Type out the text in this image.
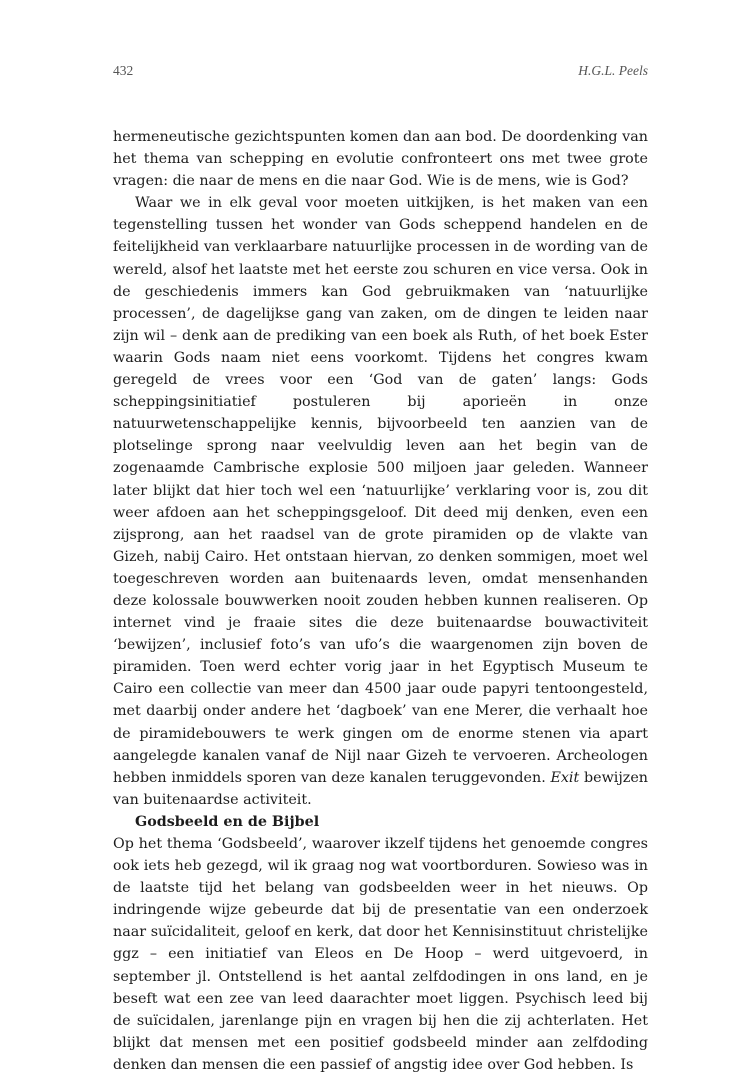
432	H.G.L. Peels

hermeneutische gezichtspunten komen dan aan bod. De doordenking van het thema van schepping en evolutie confronteert ons met twee grote vragen: die naar de mens en die naar God. Wie is de mens, wie is God?

Waar we in elk geval voor moeten uitkijken, is het maken van een tegenstelling tussen het wonder van Gods scheppend handelen en de feitelijkheid van verklaarbare natuurlijke processen in de wording van de wereld, alsof het laatste met het eerste zou schuren en vice versa. Ook in de geschiedenis immers kan God gebruikmaken van ‘natuurlijke processen’, de dagelijkse gang van zaken, om de dingen te leiden naar zijn wil – denk aan de prediking van een boek als Ruth, of het boek Ester waarin Gods naam niet eens voorkomt. Tijdens het congres kwam geregeld de vrees voor een ‘God van de gaten’ langs: Gods scheppingsinitiatief postuleren bij aporieën in onze natuurwetenschappelijke kennis, bijvoorbeeld ten aanzien van de plotselinge sprong naar veelvuldig leven aan het begin van de zogenaamde Cambrische explosie 500 miljoen jaar geleden. Wanneer later blijkt dat hier toch wel een ‘natuurlijke’ verklaring voor is, zou dit weer afdoen aan het scheppingsgeloof. Dit deed mij denken, even een zijsprong, aan het raadsel van de grote piramiden op de vlakte van Gizeh, nabij Cairo. Het ontstaan hiervan, zo denken sommigen, moet wel toegeschreven worden aan buitenaards leven, omdat mensenhanden deze kolossale bouwwerken nooit zouden hebben kunnen realiseren. Op internet vind je fraaie sites die deze buitenaardse bouwactiviteit ‘bewijzen’, inclusief foto’s van ufo’s die waargenomen zijn boven de piramiden. Toen werd echter vorig jaar in het Egyptisch Museum te Cairo een collectie van meer dan 4500 jaar oude papyri tentoongesteld, met daarbij onder andere het ‘dagboek’ van ene Merer, die verhaalt hoe de piramidebouwers te werk gingen om de enorme stenen via apart aangelegde kanalen vanaf de Nijl naar Gizeh te vervoeren. Archeologen hebben inmiddels sporen van deze kanalen teruggevonden. Exit bewijzen van buitenaardse activiteit.

Godsbeeld en de Bijbel

Op het thema ‘Godsbeeld’, waarover ikzelf tijdens het genoemde congres ook iets heb gezegd, wil ik graag nog wat voortborduren. Sowieso was in de laatste tijd het belang van godsbeelden weer in het nieuws. Op indringende wijze gebeurde dat bij de presentatie van een onderzoek naar suïcidaliteit, geloof en kerk, dat door het Kennisinstituut christelijke ggz – een initiatief van Eleos en De Hoop – werd uitgevoerd, in september jl. Ontstellend is het aantal zelfdodingen in ons land, en je beseft wat een zee van leed daarachter moet liggen. Psychisch leed bij de suïcidalen, jarenlange pijn en vragen bij hen die zij achterlaten. Het blijkt dat mensen met een positief godsbeeld minder aan zelfdoding denken dan mensen die een passief of angstig idee over God hebben. Is
